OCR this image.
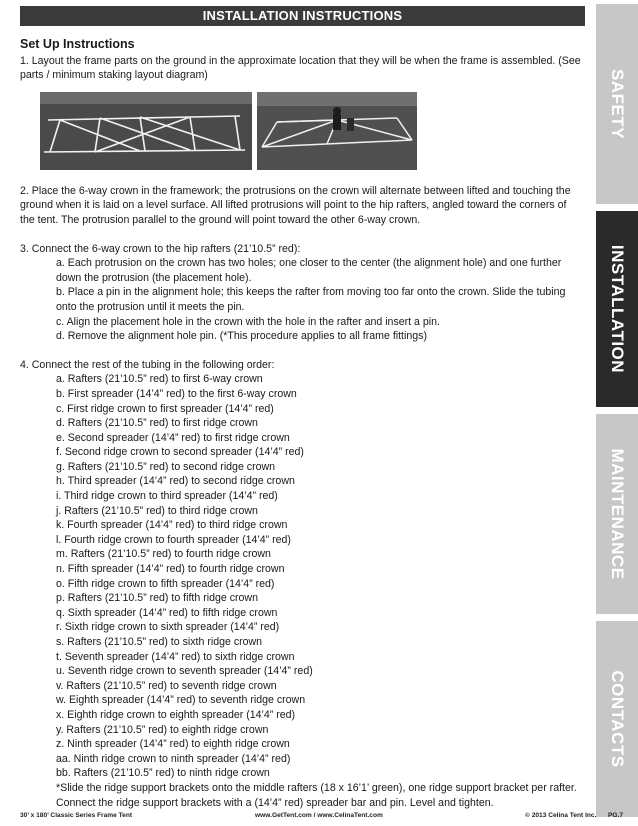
INSTALLATION INSTRUCTIONS
Set Up Instructions

1. Layout the frame parts on the ground in the approximate location that they will be when the frame is assembled. (See parts / minimum staking layout diagram)

2. Place the 6-way crown in the framework; the protrusions on the crown will alternate between lifted and touching the ground when it is laid on a level surface. All lifted protrusions will point to the hip rafters, angled toward the corners of the tent. The protrusion parallel to the ground will point toward the other 6-way crown.

3. Connect the 6-way crown to the hip rafters (21’10.5” red):

a. Each protrusion on the crown has two holes; one closer to the center (the alignment hole) and one further down the protrusion (the placement hole).

b. Place a pin in the alignment hole; this keeps the rafter from moving too far onto the crown. Slide the tubing onto the protrusion until it meets the pin.

c. Align the placement hole in the crown with the hole in the rafter and insert a pin.

d. Remove the alignment hole pin. (*This procedure applies to all frame fittings)

4. Connect the rest of the tubing in the following order:

a. Rafters (21’10.5” red) to first 6-way crown

b. First spreader (14’4” red) to the first 6-way crown

c. First ridge crown to first spreader (14’4” red)

d. Rafters (21’10.5” red) to first ridge crown

e. Second spreader (14’4” red) to first ridge crown

f. Second ridge crown to second spreader (14’4” red)

g. Rafters (21’10.5” red) to second ridge crown

h. Third spreader (14’4” red) to second ridge crown

i. Third ridge crown to third spreader (14’4” red)

j. Rafters (21’10.5” red) to third ridge crown

k. Fourth spreader (14’4” red) to third ridge crown

l. Fourth ridge crown to fourth spreader (14’4” red)

m. Rafters (21’10.5” red) to fourth ridge crown

n. Fifth spreader (14’4” red) to fourth ridge crown

o. Fifth ridge crown to fifth spreader (14’4” red)

p. Rafters (21’10.5” red) to fifth ridge crown

q. Sixth spreader (14’4” red) to fifth ridge crown

r. Sixth ridge crown to sixth spreader (14’4” red)

s. Rafters (21’10.5” red) to sixth ridge crown

t. Seventh spreader (14’4” red) to sixth ridge crown

u. Seventh ridge crown to seventh spreader (14’4” red)

v. Rafters (21’10.5” red) to seventh ridge crown

w. Eighth spreader (14’4” red) to seventh ridge crown

x. Eighth ridge crown to eighth spreader (14’4” red)

y. Rafters (21’10.5” red) to eighth ridge crown

z. Ninth spreader (14’4” red) to eighth ridge crown

aa. Ninth ridge crown to ninth spreader (14’4” red)

bb. Rafters (21’10.5” red) to ninth ridge crown

*Slide the ridge support brackets onto the middle rafters (18 x 16’1’ green), one ridge support bracket per rafter. Connect the ridge support brackets with a (14’4” red) spreader bar and pin. Level and tighten.

SAFETY
INSTALLATION
MAINTENANCE
CONTACTS
30’ x 180’ Classic Series Frame Tent	www.GetTent.com / www.CelinaTent.com	© 2013 Celina Tent Inc. PG.7
